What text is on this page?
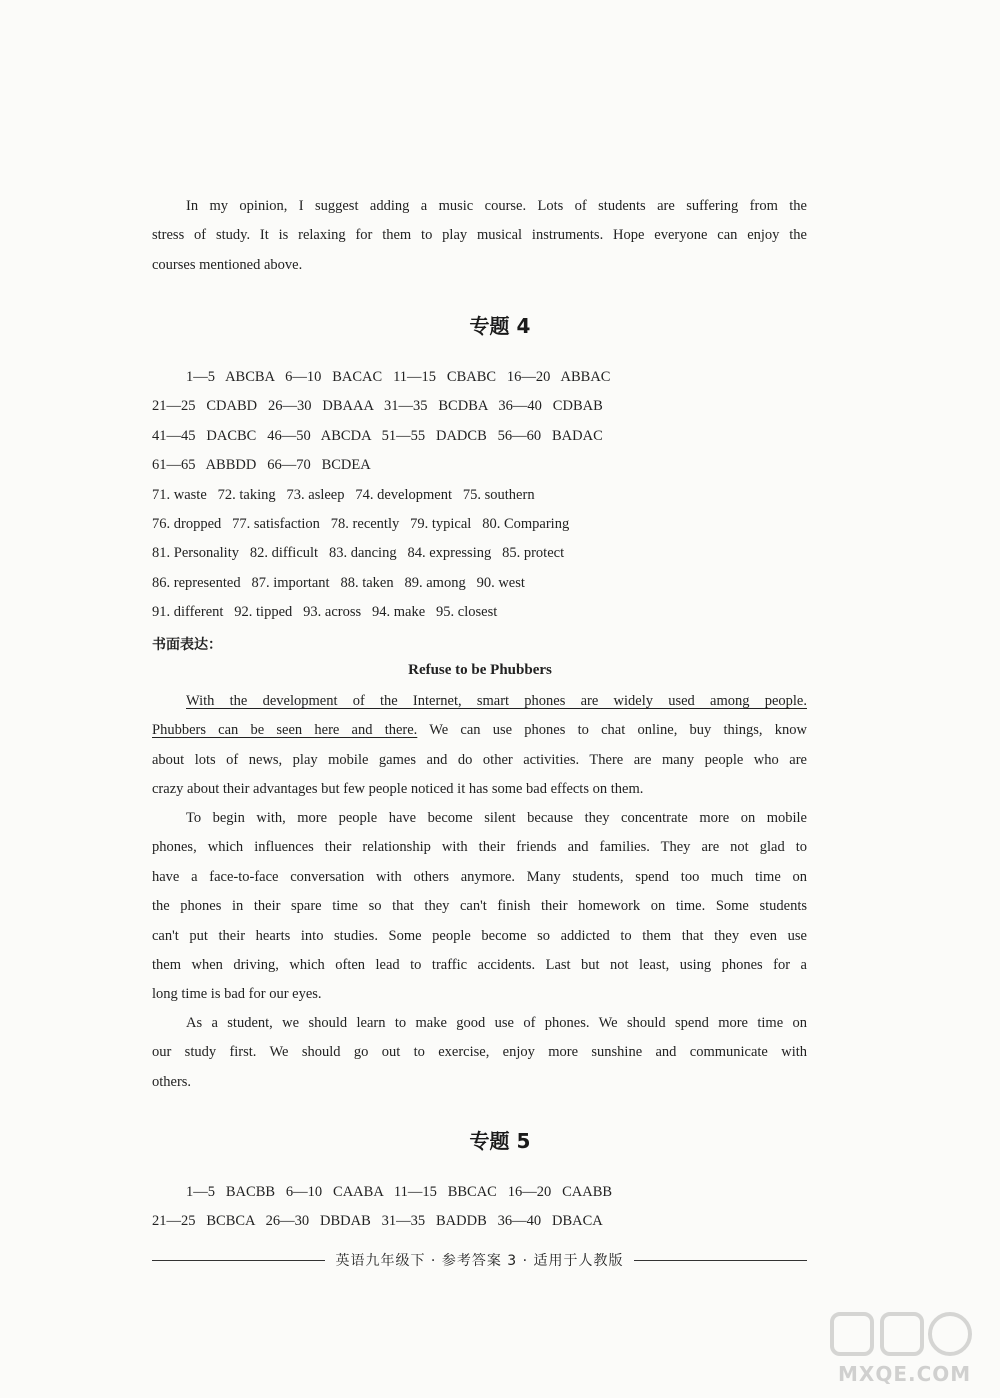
In my opinion, I suggest adding a music course. Lots of students are suffering from the
stress of study. It is relaxing for them to play musical instruments. Hope everyone can enjoy the
courses mentioned above.
专题 4
1—5   ABCBA   6—10   BACAC   11—15   CBABC   16—20   ABBAC
21—25   CDABD   26—30   DBAAA   31—35   BCDBA   36—40   CDBAB
41—45   DACBC   46—50   ABCDA   51—55   DADCB   56—60   BADAC
61—65   ABBDD   66—70   BCDEA
71. waste   72. taking   73. asleep   74. development   75. southern
76. dropped   77. satisfaction   78. recently   79. typical   80. Comparing
81. Personality   82. difficult   83. dancing   84. expressing   85. protect
86. represented   87. important   88. taken   89. among   90. west
91. different   92. tipped   93. across   94. make   95. closest
书面表达：
Refuse to be Phubbers
With the development of the Internet, smart phones are widely used among people.
Phubbers can be seen here and there. We can use phones to chat online, buy things, know
about lots of news, play mobile games and do other activities. There are many people who are
crazy about their advantages but few people noticed it has some bad effects on them.
To begin with, more people have become silent because they concentrate more on mobile
phones, which influences their relationship with their friends and families. They are not glad to
have a face-to-face conversation with others anymore. Many students, spend too much time on
the phones in their spare time so that they can't finish their homework on time. Some students
can't put their hearts into studies. Some people become so addicted to them that they even use
them when driving, which often lead to traffic accidents. Last but not least, using phones for a
long time is bad for our eyes.
As a student, we should learn to make good use of phones. We should spend more time on
our study first. We should go out to exercise, enjoy more sunshine and communicate with
others.
专题 5
1—5   BACBB   6—10   CAABA   11—15   BBCAC   16—20   CAABB
21—25   BCBCA   26—30   DBDAB   31—35   BADDB   36—40   DBACA
英语九年级下 · 参考答案 3 · 适用于人教版
MXQE.COM
